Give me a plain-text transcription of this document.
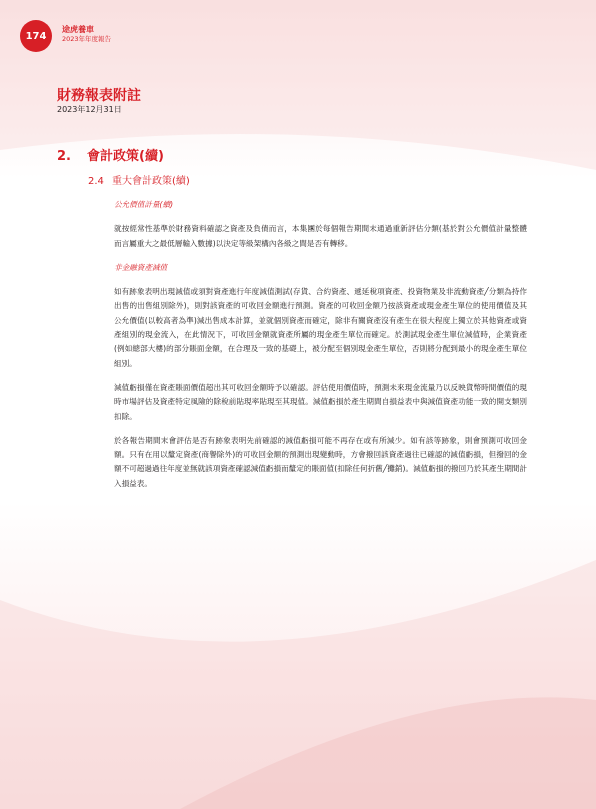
174
途虎養車
2023年年度報告
財務報表附註
2023年12月31日
2. 會計政策(續)
2.4 重大會計政策(續)
公允價值計量(續)

就按經常性基準於財務資料確認之資產及負債而言，本集團於每個報告期間末通過重新評估分類(基於對公允價值計量整體而言屬重大之最低層輸入數據)以決定等級架構內各級之間是否有轉移。

非金融資產減值

如有跡象表明出現減值或須對資產進行年度減值測試(存貨、合約資產、遞延稅項資產、投資物業及非流動資產╱分類為持作出售的出售組別除外)，則對該資產的可收回金額進行預測。資產的可收回金額乃按該資產或現金產生單位的使用價值及其公允價值(以較高者為準)減出售成本計算，並就個別資產而確定，除非有關資產沒有產生在很大程度上獨立於其他資產或資產組別的現金流入，在此情況下，可收回金額就資產所屬的現金產生單位而確定。於測試現金產生單位減值時，企業資產(例如總部大樓)的部分賬面金額，在合理及一致的基礎上，被分配至個別現金產生單位，否則將分配到最小的現金產生單位組別。

減值虧損僅在資產賬面價值超出其可收回金額時予以確認。評估使用價值時，預測未來現金流量乃以反映貨幣時間價值的現時市場評估及資產特定風險的除稅前貼現率貼現至其現值。減值虧損於產生期間自損益表中與減值資產功能一致的開支類別扣除。

於各報告期間末會評估是否有跡象表明先前確認的減值虧損可能不再存在或有所減少。如有該等跡象，則會預測可收回金額。只有在用以釐定資產(商譽除外)的可收回金額的預測出現變動時，方會撥回該資產過往已確認的減值虧損，但撥回的金額不可超過過往年度並無就該項資產確認減值虧損而釐定的賬面值(扣除任何折舊╱攤銷)。減值虧損的撥回乃於其產生期間計入損益表。
